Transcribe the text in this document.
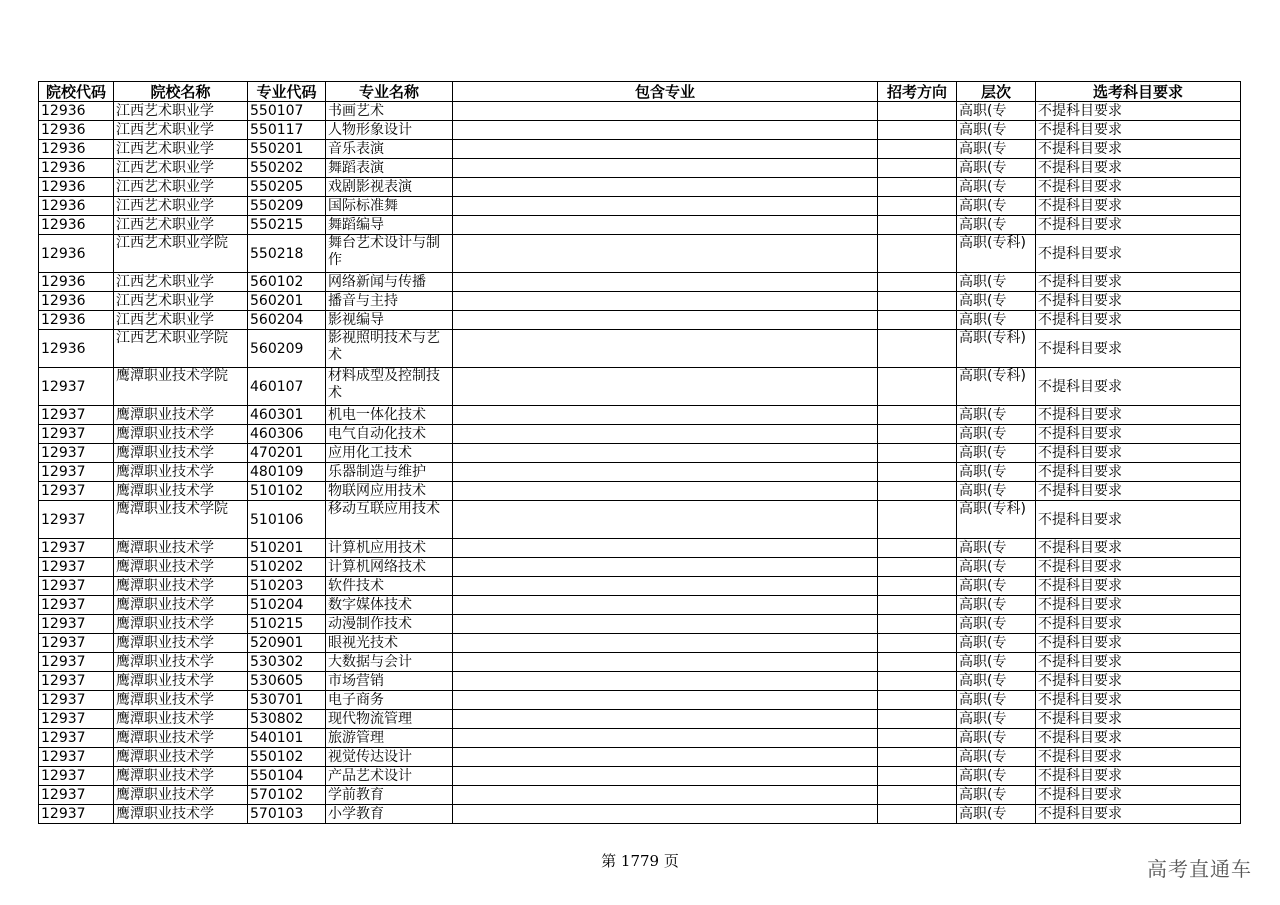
院校代码	院校名称	专业代码	专业名称	包含专业	招考方向	层次	选考科目要求
12936	江西艺术职业学	550107	书画艺术			高职(专	不提科目要求
12936	江西艺术职业学	550117	人物形象设计			高职(专	不提科目要求
12936	江西艺术职业学	550201	音乐表演			高职(专	不提科目要求
12936	江西艺术职业学	550202	舞蹈表演			高职(专	不提科目要求
12936	江西艺术职业学	550205	戏剧影视表演			高职(专	不提科目要求
12936	江西艺术职业学	550209	国际标准舞			高职(专	不提科目要求
12936	江西艺术职业学	550215	舞蹈编导			高职(专	不提科目要求
12936	江西艺术职业学院	550218	舞台艺术设计与制作			高职(专科)	不提科目要求
12936	江西艺术职业学	560102	网络新闻与传播			高职(专	不提科目要求
12936	江西艺术职业学	560201	播音与主持			高职(专	不提科目要求
12936	江西艺术职业学	560204	影视编导			高职(专	不提科目要求
12936	江西艺术职业学院	560209	影视照明技术与艺术			高职(专科)	不提科目要求
12937	鹰潭职业技术学院	460107	材料成型及控制技术			高职(专科)	不提科目要求
12937	鹰潭职业技术学	460301	机电一体化技术			高职(专	不提科目要求
12937	鹰潭职业技术学	460306	电气自动化技术			高职(专	不提科目要求
12937	鹰潭职业技术学	470201	应用化工技术			高职(专	不提科目要求
12937	鹰潭职业技术学	480109	乐器制造与维护			高职(专	不提科目要求
12937	鹰潭职业技术学	510102	物联网应用技术			高职(专	不提科目要求
12937	鹰潭职业技术学院	510106	移动互联应用技术			高职(专科)	不提科目要求
12937	鹰潭职业技术学	510201	计算机应用技术			高职(专	不提科目要求
12937	鹰潭职业技术学	510202	计算机网络技术			高职(专	不提科目要求
12937	鹰潭职业技术学	510203	软件技术			高职(专	不提科目要求
12937	鹰潭职业技术学	510204	数字媒体技术			高职(专	不提科目要求
12937	鹰潭职业技术学	510215	动漫制作技术			高职(专	不提科目要求
12937	鹰潭职业技术学	520901	眼视光技术			高职(专	不提科目要求
12937	鹰潭职业技术学	530302	大数据与会计			高职(专	不提科目要求
12937	鹰潭职业技术学	530605	市场营销			高职(专	不提科目要求
12937	鹰潭职业技术学	530701	电子商务			高职(专	不提科目要求
12937	鹰潭职业技术学	530802	现代物流管理			高职(专	不提科目要求
12937	鹰潭职业技术学	540101	旅游管理			高职(专	不提科目要求
12937	鹰潭职业技术学	550102	视觉传达设计			高职(专	不提科目要求
12937	鹰潭职业技术学	550104	产品艺术设计			高职(专	不提科目要求
12937	鹰潭职业技术学	570102	学前教育			高职(专	不提科目要求
12937	鹰潭职业技术学	570103	小学教育			高职(专	不提科目要求
第 1779 页	高考直通车
